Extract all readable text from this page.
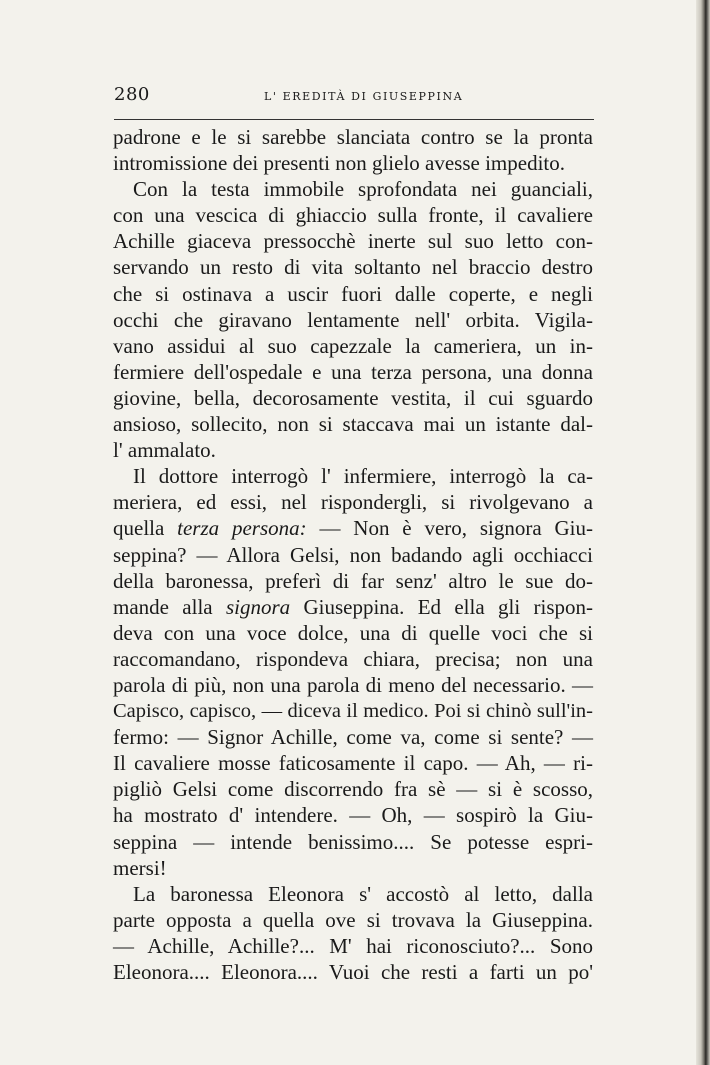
280	L' EREDITÀ DI GIUSEPPINA
padrone e le si sarebbe slanciata contro se la pronta
intromissione dei presenti non glielo avesse impedito.
Con la testa immobile sprofondata nei guanciali,
con una vescica di ghiaccio sulla fronte, il cavaliere
Achille giaceva pressocchè inerte sul suo letto con-
servando un resto di vita soltanto nel braccio destro
che si ostinava a uscir fuori dalle coperte, e negli
occhi che giravano lentamente nell' orbita. Vigila-
vano assidui al suo capezzale la cameriera, un in-
fermiere dell'ospedale e una terza persona, una donna
giovine, bella, decorosamente vestita, il cui sguardo
ansioso, sollecito, non si staccava mai un istante dal-
l' ammalato.
Il dottore interrogò l' infermiere, interrogò la ca-
meriera, ed essi, nel rispondergli, si rivolgevano a
quella terza persona: — Non è vero, signora Giu-
seppina? — Allora Gelsi, non badando agli occhiacci
della baronessa, preferì di far senz' altro le sue do-
mande alla signora Giuseppina. Ed ella gli rispon-
deva con una voce dolce, una di quelle voci che si
raccomandano, rispondeva chiara, precisa; non una
parola di più, non una parola di meno del necessario. —
Capisco, capisco, — diceva il medico. Poi si chinò sull'in-
fermo: — Signor Achille, come va, come si sente? —
Il cavaliere mosse faticosamente il capo. — Ah, — ri-
pigliò Gelsi come discorrendo fra sè — si è scosso,
ha mostrato d' intendere. — Oh, — sospirò la Giu-
seppina — intende benissimo.... Se potesse espri-
mersi!
La baronessa Eleonora s' accostò al letto, dalla
parte opposta a quella ove si trovava la Giuseppina.
— Achille, Achille?... M' hai riconosciuto?... Sono
Eleonora.... Eleonora.... Vuoi che resti a farti un po'
